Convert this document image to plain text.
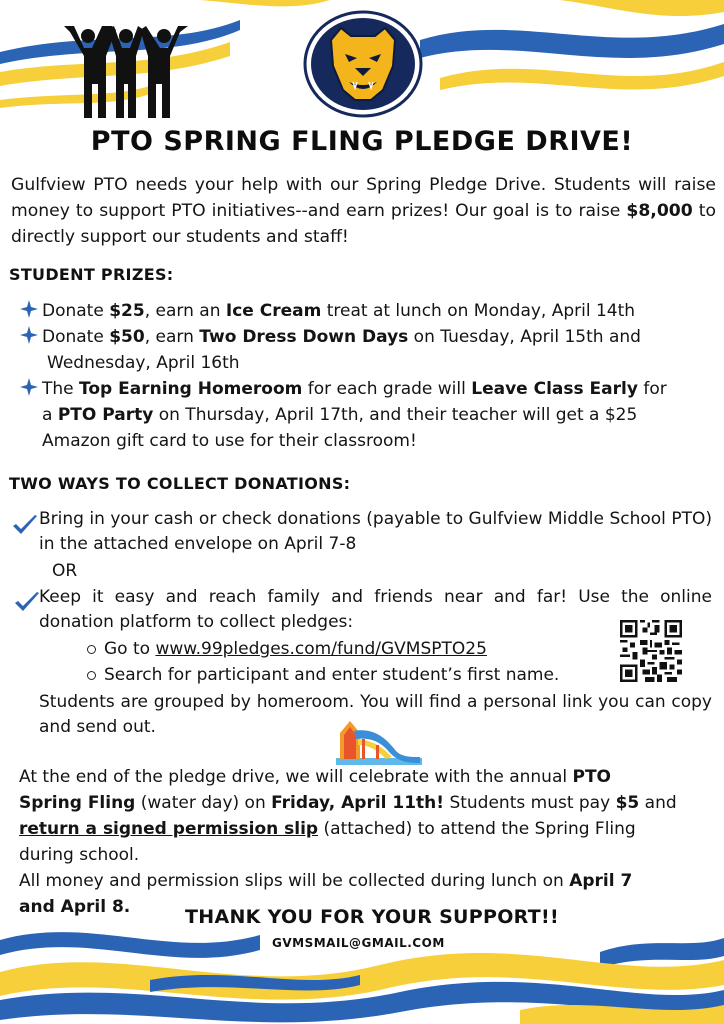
PTO SPRING FLING PLEDGE DRIVE!
Gulfview PTO needs your help with our Spring Pledge Drive. Students will raise money to support PTO initiatives--and earn prizes! Our goal is to raise $8,000 to directly support our students and staff!
STUDENT PRIZES:
Donate $25, earn an Ice Cream treat at lunch on Monday, April 14th
Donate $50, earn Two Dress Down Days on Tuesday, April 15th and
Wednesday, April 16th
The Top Earning Homeroom for each grade will Leave Class Early for
a PTO Party on Thursday, April 17th, and their teacher will get a $25
Amazon gift card to use for their classroom!
TWO WAYS TO COLLECT DONATIONS:
Bring in your cash or check donations (payable to Gulfview Middle School PTO) in the attached envelope on April 7-8
OR
Keep it easy and reach family and friends near and far! Use the online donation platform to collect pledges:
Go to www.99pledges.com/fund/GVMSPTO25
Search for participant and enter student’s first name.
Students are grouped by homeroom. You will find a personal link you can copy and send out.
At the end of the pledge drive, we will celebrate with the annual PTO
Spring Fling (water day) on Friday, April 11th! Students must pay $5 and
return a signed permission slip (attached) to attend the Spring Fling
during school.
All money and permission slips will be collected during lunch on April 7
and April 8.	THANK YOU FOR YOUR SUPPORT!!
GVMSMAIL@GMAIL.COM
